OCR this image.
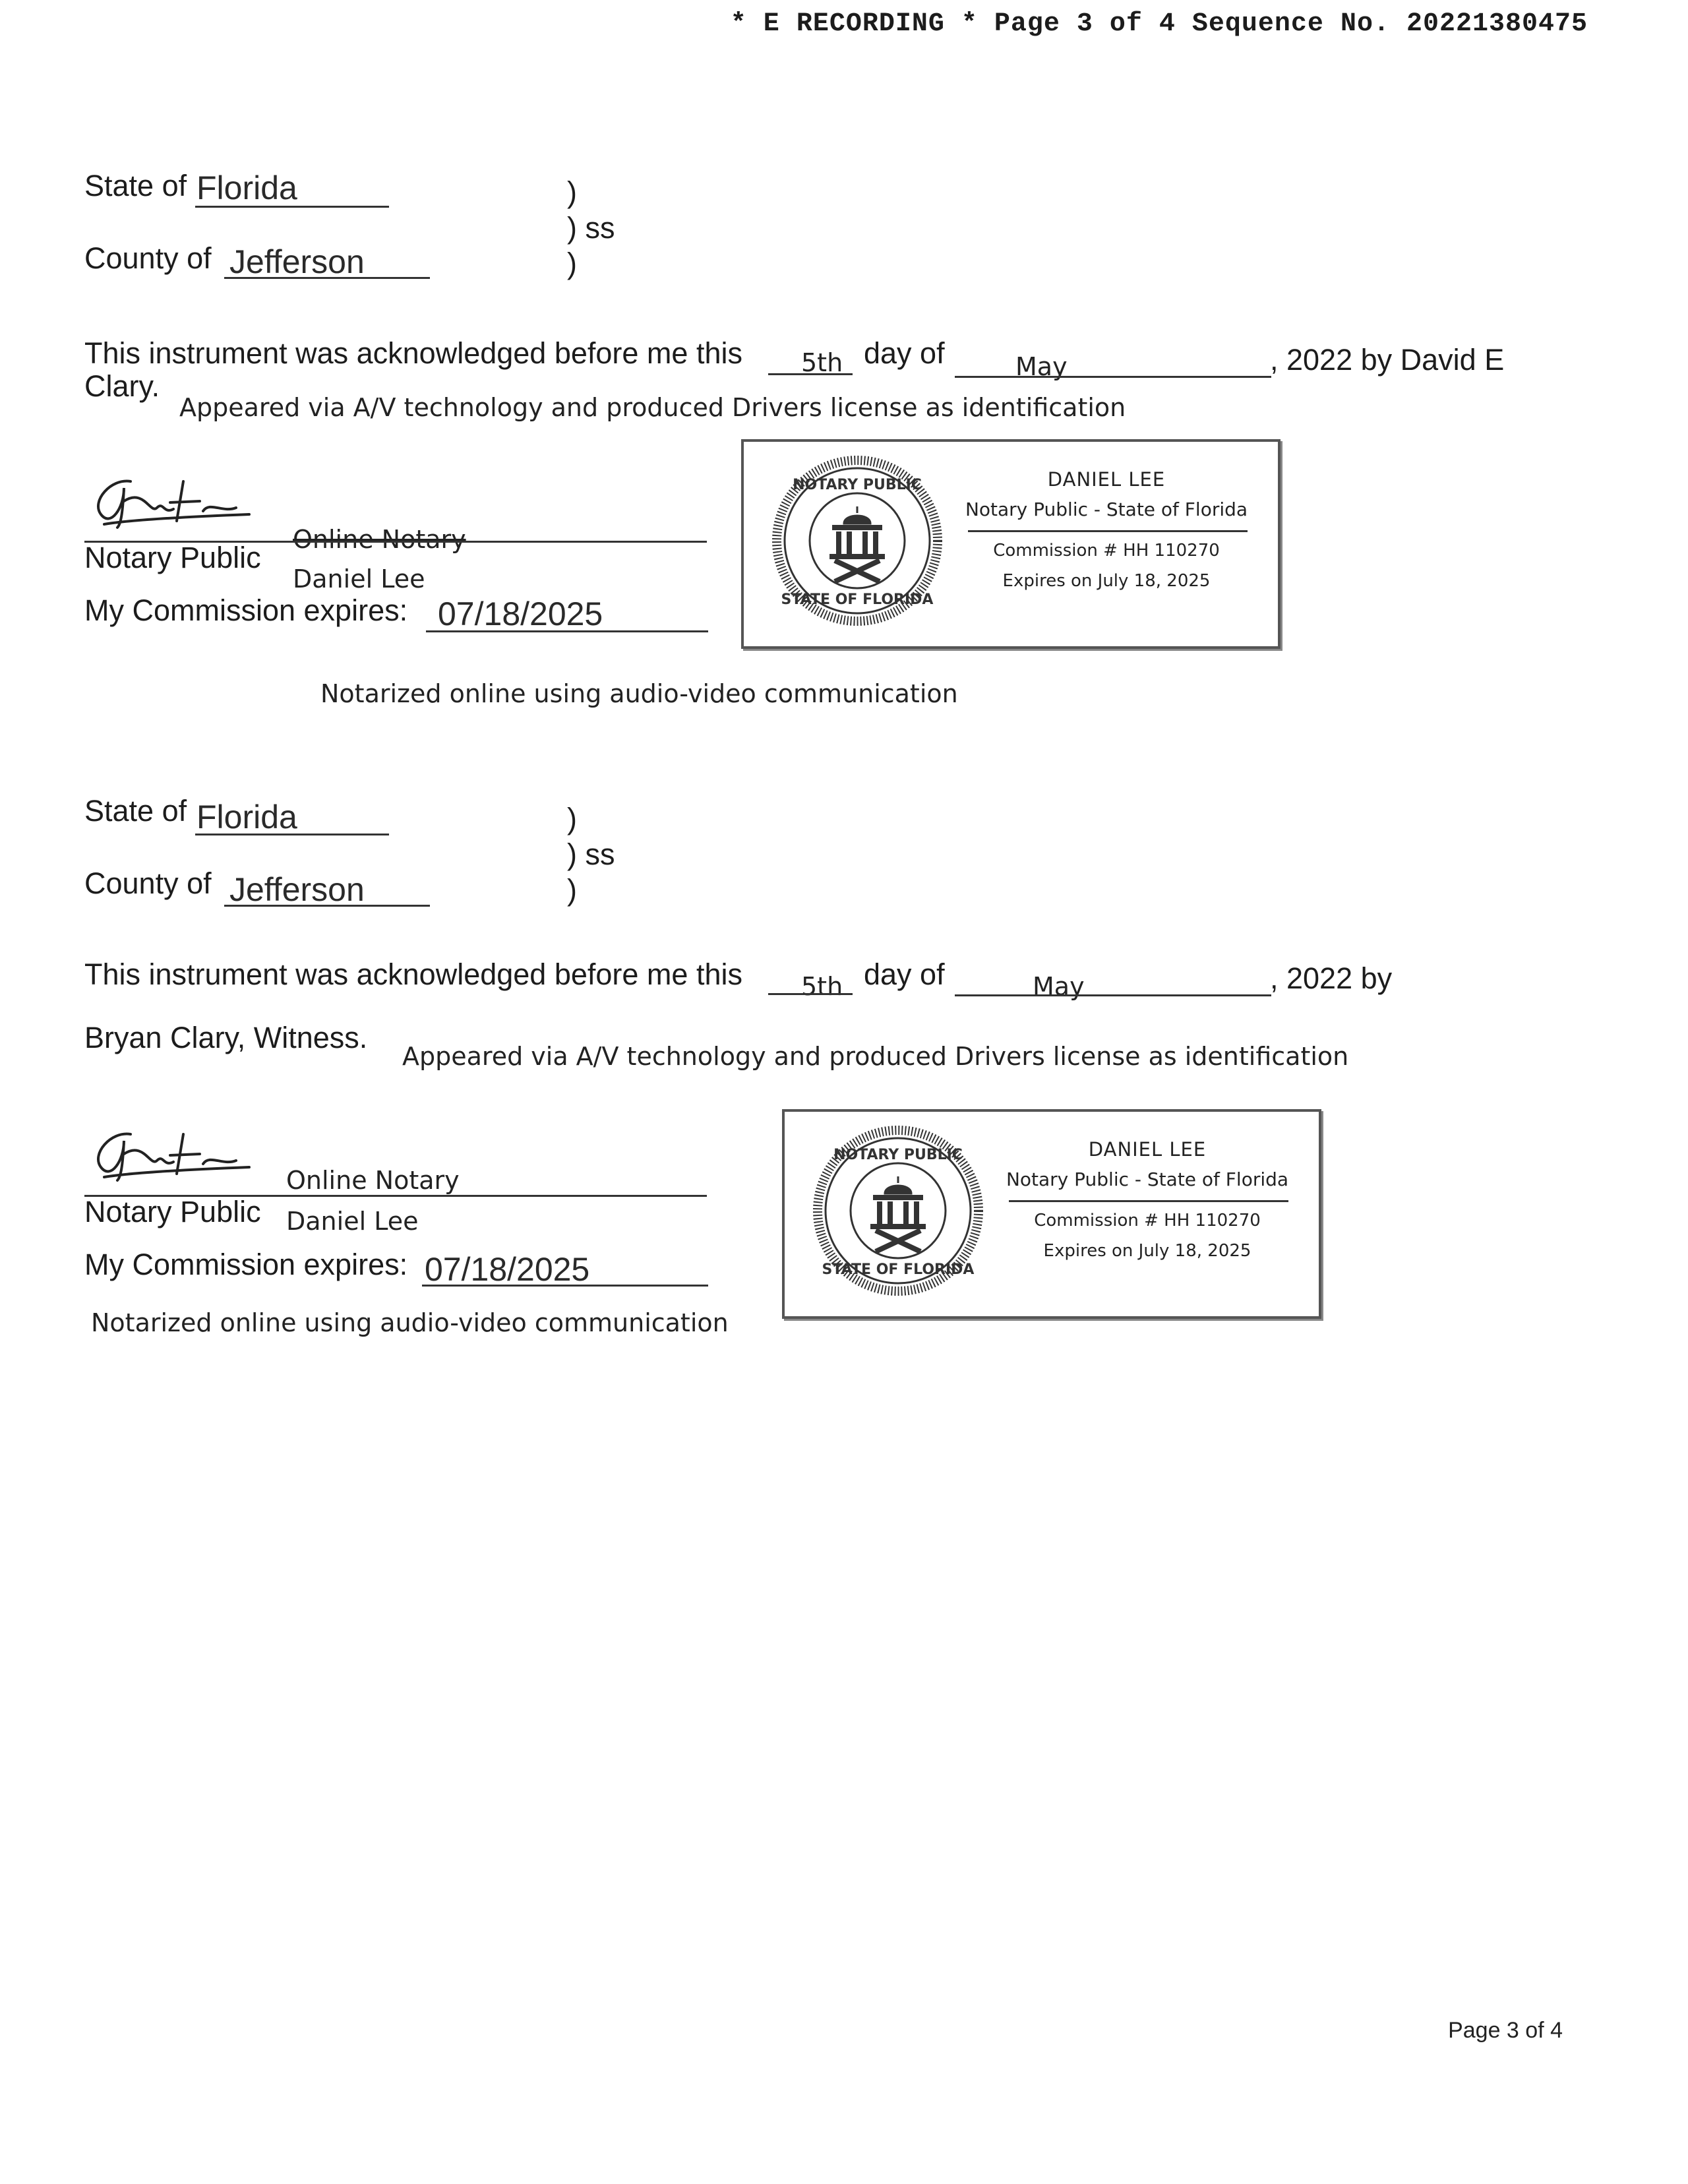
* E RECORDING * Page 3 of 4 Sequence No. 20221380475
State of Florida
County of Jefferson
)
) ss
)
This instrument was acknowledged before me this 5th day of	May	, 2022 by David E
Clary.
Appeared via A/V technology and produced Drivers license as identification
Online Notary
Notary Public
Daniel Lee
My Commission expires: 07/18/2025
Notarized online using audio-video communication
NOTARY PUBLIC
STATE OF FLORIDA
DANIEL LEE
Notary Public - State of Florida
Commission # HH 110270
Expires on July 18, 2025
State of Florida
County of Jefferson
)
) ss
)
This instrument was acknowledged before me this 5th day of	May	, 2022 by
Bryan Clary, Witness.
Appeared via A/V technology and produced Drivers license as identification
Online Notary
Notary Public Daniel Lee
My Commission expires: 07/18/2025
Notarized online using audio-video communication
NOTARY PUBLIC
STATE OF FLORIDA
DANIEL LEE
Notary Public - State of Florida
Commission # HH 110270
Expires on July 18, 2025
Page 3 of 4
